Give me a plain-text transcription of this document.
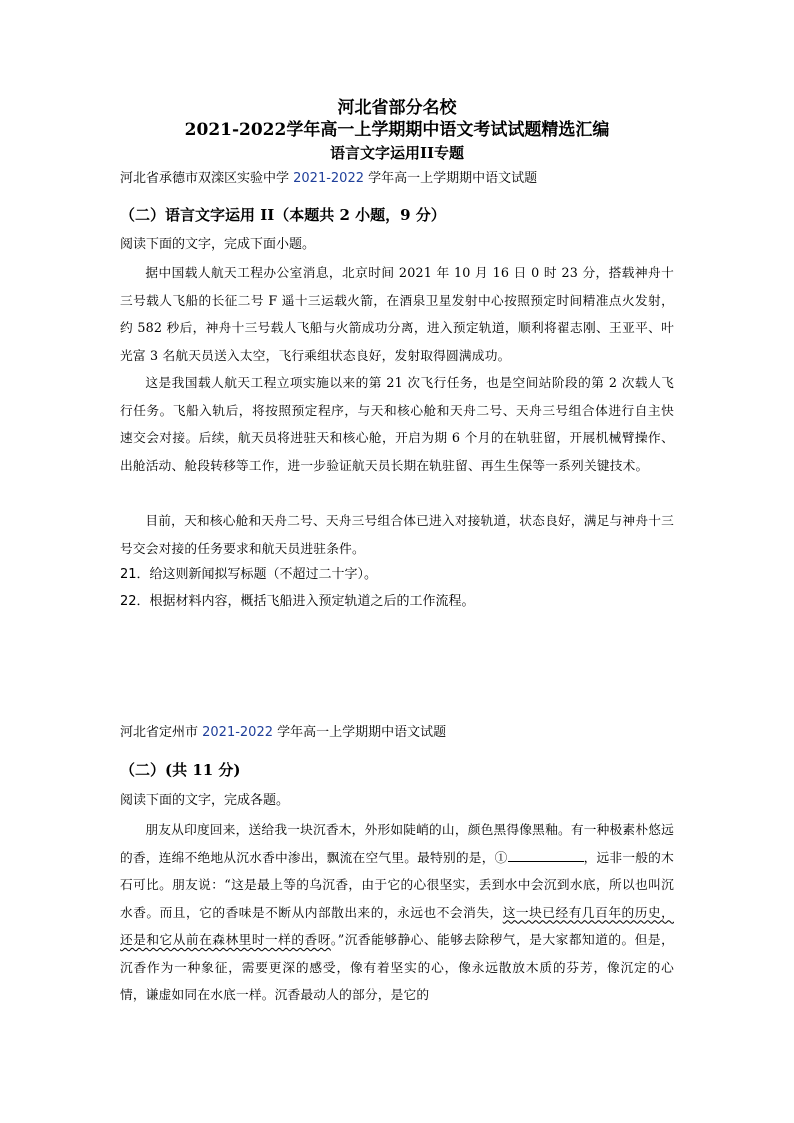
河北省部分名校
2021-2022学年高一上学期期中语文考试试题精选汇编
语言文字运用II专题
河北省承德市双滦区实验中学 2021-2022 学年高一上学期期中语文试题
（二）语言文字运用 II（本题共 2 小题，9 分）
阅读下面的文字，完成下面小题。
据中国载人航天工程办公室消息，北京时间 2021 年 10 月 16 日 0 时 23 分，搭载神舟十三号载人飞船的长征二号 F 遥十三运载火箭，在酒泉卫星发射中心按照预定时间精准点火发射，约 582 秒后，神舟十三号载人飞船与火箭成功分离，进入预定轨道，顺利将翟志刚、王亚平、叶光富 3 名航天员送入太空，飞行乘组状态良好，发射取得圆满成功。
这是我国载人航天工程立项实施以来的第 21 次飞行任务，也是空间站阶段的第 2 次载人飞行任务。飞船入轨后，将按照预定程序，与天和核心舱和天舟二号、天舟三号组合体进行自主快速交会对接。后续，航天员将进驻天和核心舱，开启为期 6 个月的在轨驻留，开展机械臂操作、出舱活动、舱段转移等工作，进一步验证航天员长期在轨驻留、再生生保等一系列关键技术。
目前，天和核心舱和天舟二号、天舟三号组合体已进入对接轨道，状态良好，满足与神舟十三号交会对接的任务要求和航天员进驻条件。
21．给这则新闻拟写标题（不超过二十字）。
22．根据材料内容，概括飞船进入预定轨道之后的工作流程。
河北省定州市 2021-2022 学年高一上学期期中语文试题
（二）(共 11 分)
阅读下面的文字，完成各题。
朋友从印度回来，送给我一块沉香木，外形如陡峭的山，颜色黑得像黑釉。有一种极素朴悠远的香，连绵不绝地从沉水香中渗出，飘流在空气里。最特别的是，①	，远非一般的木石可比。朋友说：“这是最上等的乌沉香，由于它的心很坚实，丢到水中会沉到水底，所以也叫沉水香。而且，它的香味是不断从内部散出来的，永远也不会消失，这一块已经有几百年的历史，还是和它从前在森林里时一样的香呀。”沉香能够静心、能够去除秽气，是大家都知道的。但是，沉香作为一种象征，需要更深的感受，像有着坚实的心，像永远散放木质的芬芳，像沉定的心情，谦虚如同在水底一样。沉香最动人的部分，是它的
